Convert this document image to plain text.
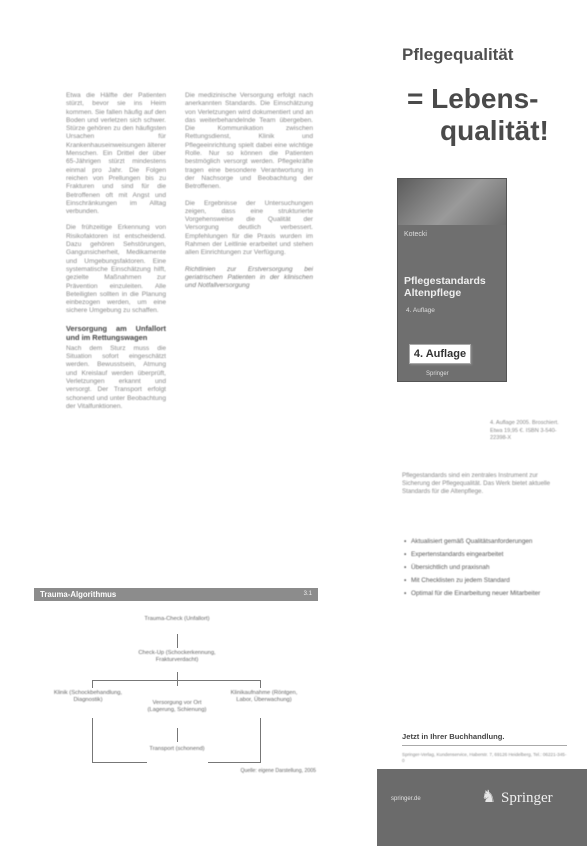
Etwa die Hälfte der Patienten stürzt, bevor sie ins Heim kommen. Sie fallen häufig auf den Boden und verletzen sich schwer. Stürze gehören zu den häufigsten Ursachen für Krankenhauseinweisungen älterer Menschen. Ein Drittel der über 65-Jährigen stürzt mindestens einmal pro Jahr. Die Folgen reichen von Prellungen bis zu Frakturen und sind für die Betroffenen oft mit Angst und Einschränkungen im Alltag verbunden.

Die frühzeitige Erkennung von Risikofaktoren ist entscheidend. Dazu gehören Sehstörungen, Gangunsicherheit, Medikamente und Umgebungsfaktoren. Eine systematische Einschätzung hilft, gezielte Maßnahmen zur Prävention einzuleiten. Alle Beteiligten sollten in die Planung einbezogen werden, um eine sichere Umgebung zu schaffen.

Versorgung am Unfallort und im Rettungswagen

Nach dem Sturz muss die Situation sofort eingeschätzt werden. Bewusstsein, Atmung und Kreislauf werden überprüft, Verletzungen erkannt und versorgt. Der Transport erfolgt schonend und unter Beobachtung der Vitalfunktionen.

Die medizinische Versorgung erfolgt nach anerkannten Standards. Die Einschätzung von Verletzungen wird dokumentiert und an das weiterbehandelnde Team übergeben. Die Kommunikation zwischen Rettungsdienst, Klinik und Pflegeeinrichtung spielt dabei eine wichtige Rolle. Nur so können die Patienten bestmöglich versorgt werden. Pflegekräfte tragen eine besondere Verantwortung in der Nachsorge und Beobachtung der Betroffenen.

Die Ergebnisse der Untersuchungen zeigen, dass eine strukturierte Vorgehensweise die Qualität der Versorgung deutlich verbessert. Empfehlungen für die Praxis wurden im Rahmen der Leitlinie erarbeitet und stehen allen Einrichtungen zur Verfügung.

Richtlinien zur Erstversorgung bei geriatrischen Patienten in der klinischen und Notfallversorgung

Trauma-Algorithmus	3.1
Trauma-Check (Unfallort)
Check-Up (Schockerkennung, Frakturverdacht)
Klinik (Schockbehandlung, Diagnostik)	Versorgung vor Ort (Lagerung, Schienung)
Klinikaufnahme (Röntgen, Labor, Überwachung)
Transport (schonend)
Quelle: eigene Darstellung, 2005
Pflegequalität
= Lebens-
qualität!
Kotecki
Pflegestandards Altenpflege
4. Auflage
Springer
4. Auflage
4. Auflage 2005. Broschiert. Etwa 19,95 €. ISBN 3-540-22398-X
Pflegestandards sind ein zentrales Instrument zur Sicherung der Pflegequalität. Das Werk bietet aktuelle Standards für die Altenpflege.
▪ Aktualisiert gemäß Qualitätsanforderungen
▪ Expertenstandards eingearbeitet
▪ Übersichtlich und praxisnah
▪ Mit Checklisten zu jedem Standard
▪ Optimal für die Einarbeitung neuer Mitarbeiter
Jetzt in Ihrer Buchhandlung.
Springer-Verlag, Kundenservice, Haberstr. 7, 69126 Heidelberg, Tel.: 06221-345-0
springer.de	♞ Springer
